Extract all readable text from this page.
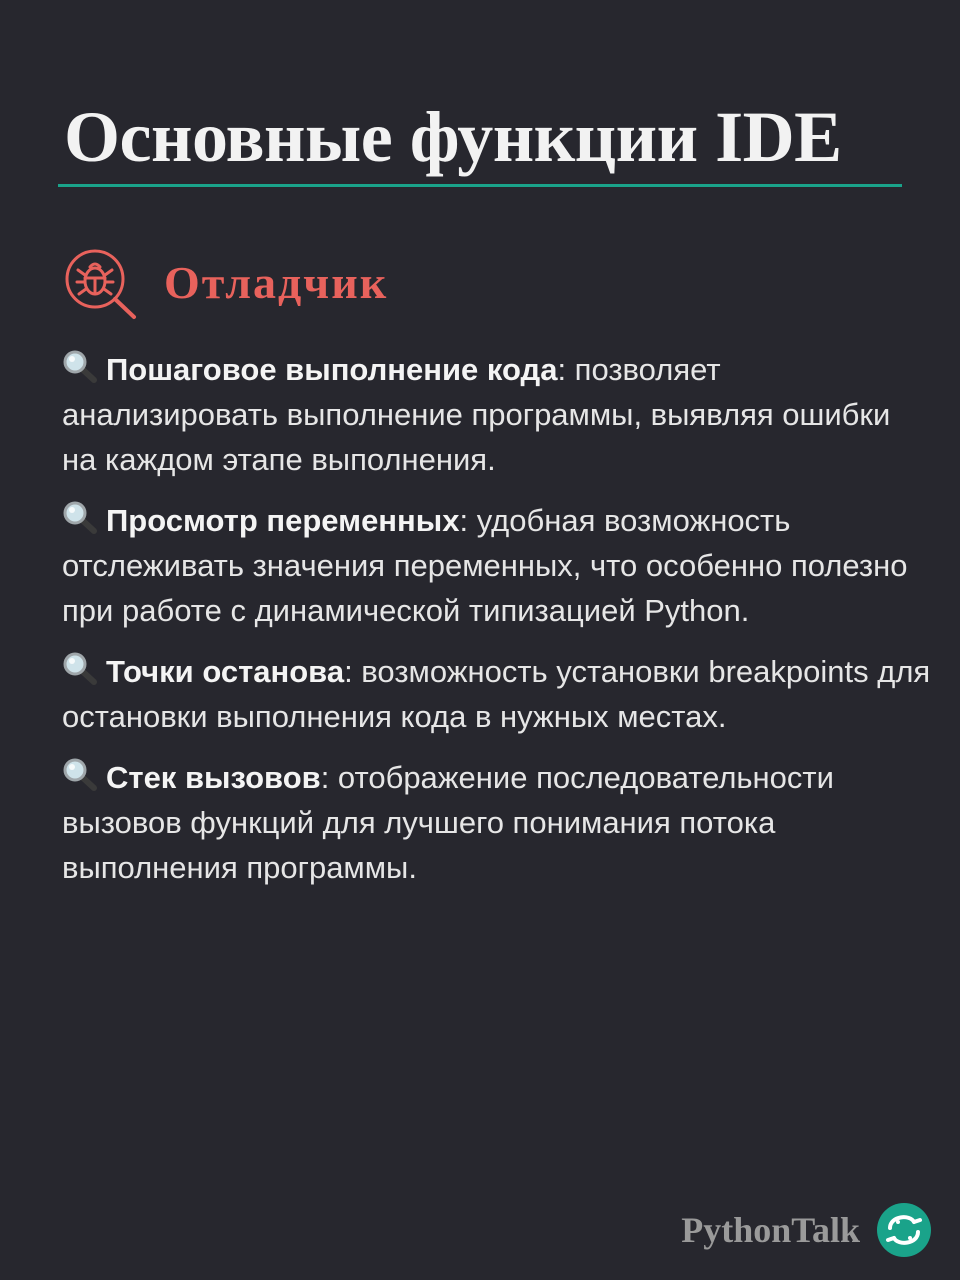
Основные функции IDE
Отладчик

Пошаговое выполнение кода: позволяет анализировать выполнение программы, выявляя ошибки на каждом этапе выполнения.

Просмотр переменных: удобная возможность отслеживать значения переменных, что особенно полезно при работе с динамической типизацией Python.

Точки останова: возможность установки breakpoints для остановки выполнения кода в нужных местах.

Стек вызовов: отображение последовательности вызовов функций для лучшего понимания потока выполнения программы.

PythonTalk
